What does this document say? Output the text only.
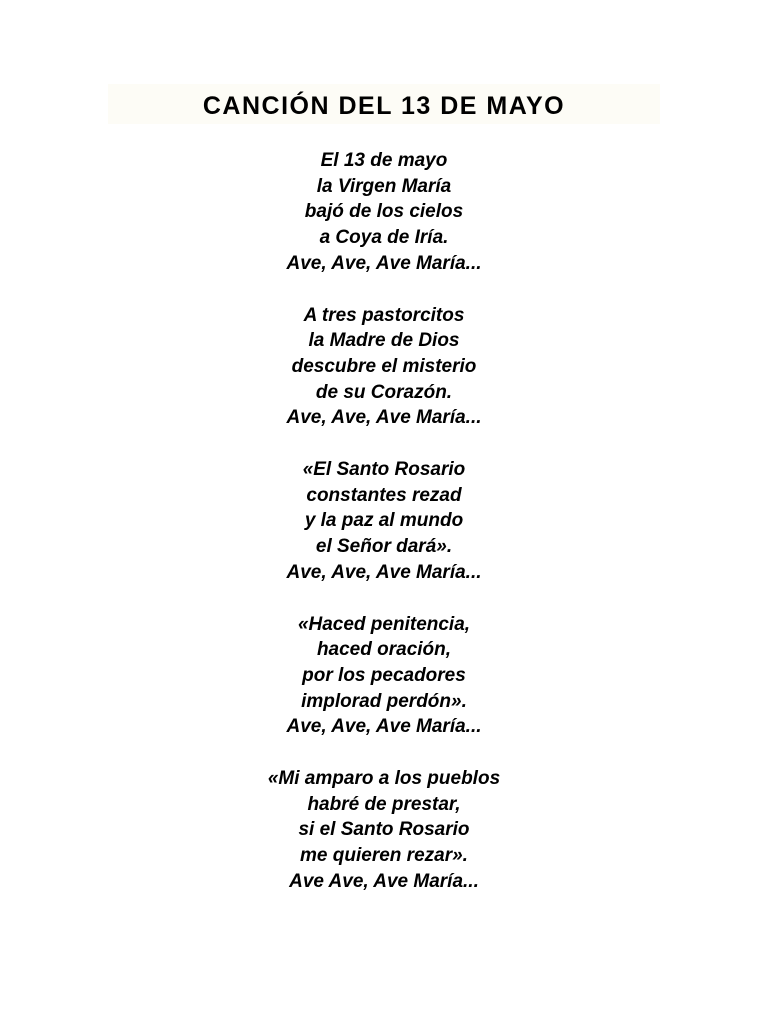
CANCIÓN DEL 13 DE MAYO
El 13 de mayo
la Virgen María
bajó de los cielos
a Coya de Iría.
Ave, Ave, Ave María...
A tres pastorcitos
la Madre de Dios
descubre el misterio
de su Corazón.
Ave, Ave, Ave María...
«El Santo Rosario
constantes rezad
y la paz al mundo
el Señor dará».
Ave, Ave, Ave María...
«Haced penitencia,
haced oración,
por los pecadores
implorad perdón».
Ave, Ave, Ave María...
«Mi amparo a los pueblos
habré de prestar,
si el Santo Rosario
me quieren rezar».
Ave Ave, Ave María...
